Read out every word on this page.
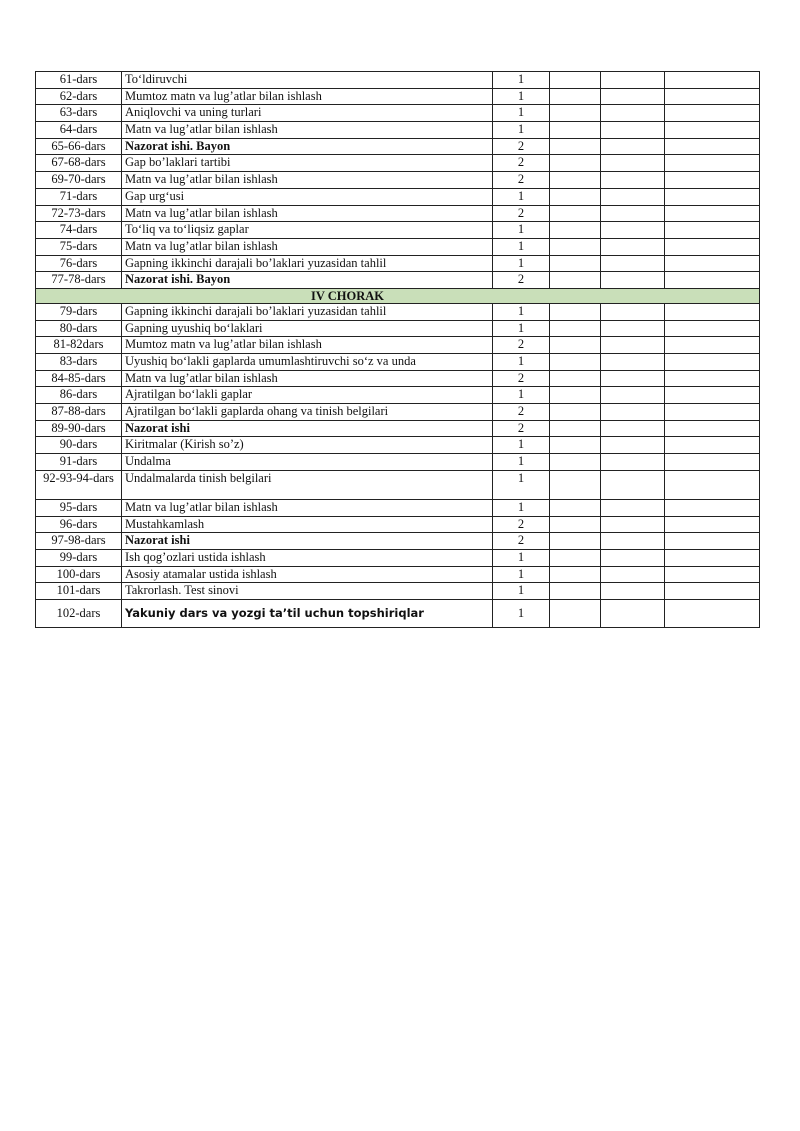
61-dars	To‘ldiruvchi	1			
62-dars	Mumtoz matn va lug’atlar bilan ishlash	1			
63-dars	Aniqlovchi va uning turlari	1			
64-dars	Matn va lug’atlar bilan ishlash	1			
65-66-dars	Nazorat ishi. Bayon	2			
67-68-dars	Gap bo’laklari tartibi	2			
69-70-dars	Matn va lug’atlar bilan ishlash	2			
71-dars	Gap urg‘usi	1			
72-73-dars	Matn va lug’atlar bilan ishlash	2			
74-dars	To‘liq va to‘liqsiz gaplar	1			
75-dars	Matn va lug’atlar bilan ishlash	1			
76-dars	Gapning ikkinchi darajali bo’laklari yuzasidan tahlil	1			
77-78-dars	Nazorat ishi. Bayon	2			
IV CHORAK					
79-dars	Gapning ikkinchi darajali bo’laklari yuzasidan tahlil	1			
80-dars	Gapning uyushiq bo‘laklari	1			
81-82dars	Mumtoz matn va lug’atlar bilan ishlash	2			
83-dars	Uyushiq bo‘lakli gaplarda umumlashtiruvchi so‘z va unda	1			
84-85-dars	Matn va lug’atlar bilan ishlash	2			
86-dars	Ajratilgan bo‘lakli gaplar	1			
87-88-dars	Ajratilgan bo‘lakli gaplarda ohang va tinish belgilari	2			
89-90-dars	Nazorat ishi	2			
90-dars	Kiritmalar (Kirish so’z)	1			
91-dars	Undalma	1			
92-93-94-dars	Undalmalarda tinish belgilari	1			
95-dars	Matn va lug’atlar bilan ishlash	1			
96-dars	Mustahkamlash	2			
97-98-dars	Nazorat ishi	2			
99-dars	Ish qog’ozlari ustida ishlash	1			
100-dars	Asosiy atamalar ustida ishlash	1			
101-dars	Takrorlash. Test sinovi	1			
102-dars	Yakuniy dars va yozgi ta’til uchun topshiriqlar	1			
